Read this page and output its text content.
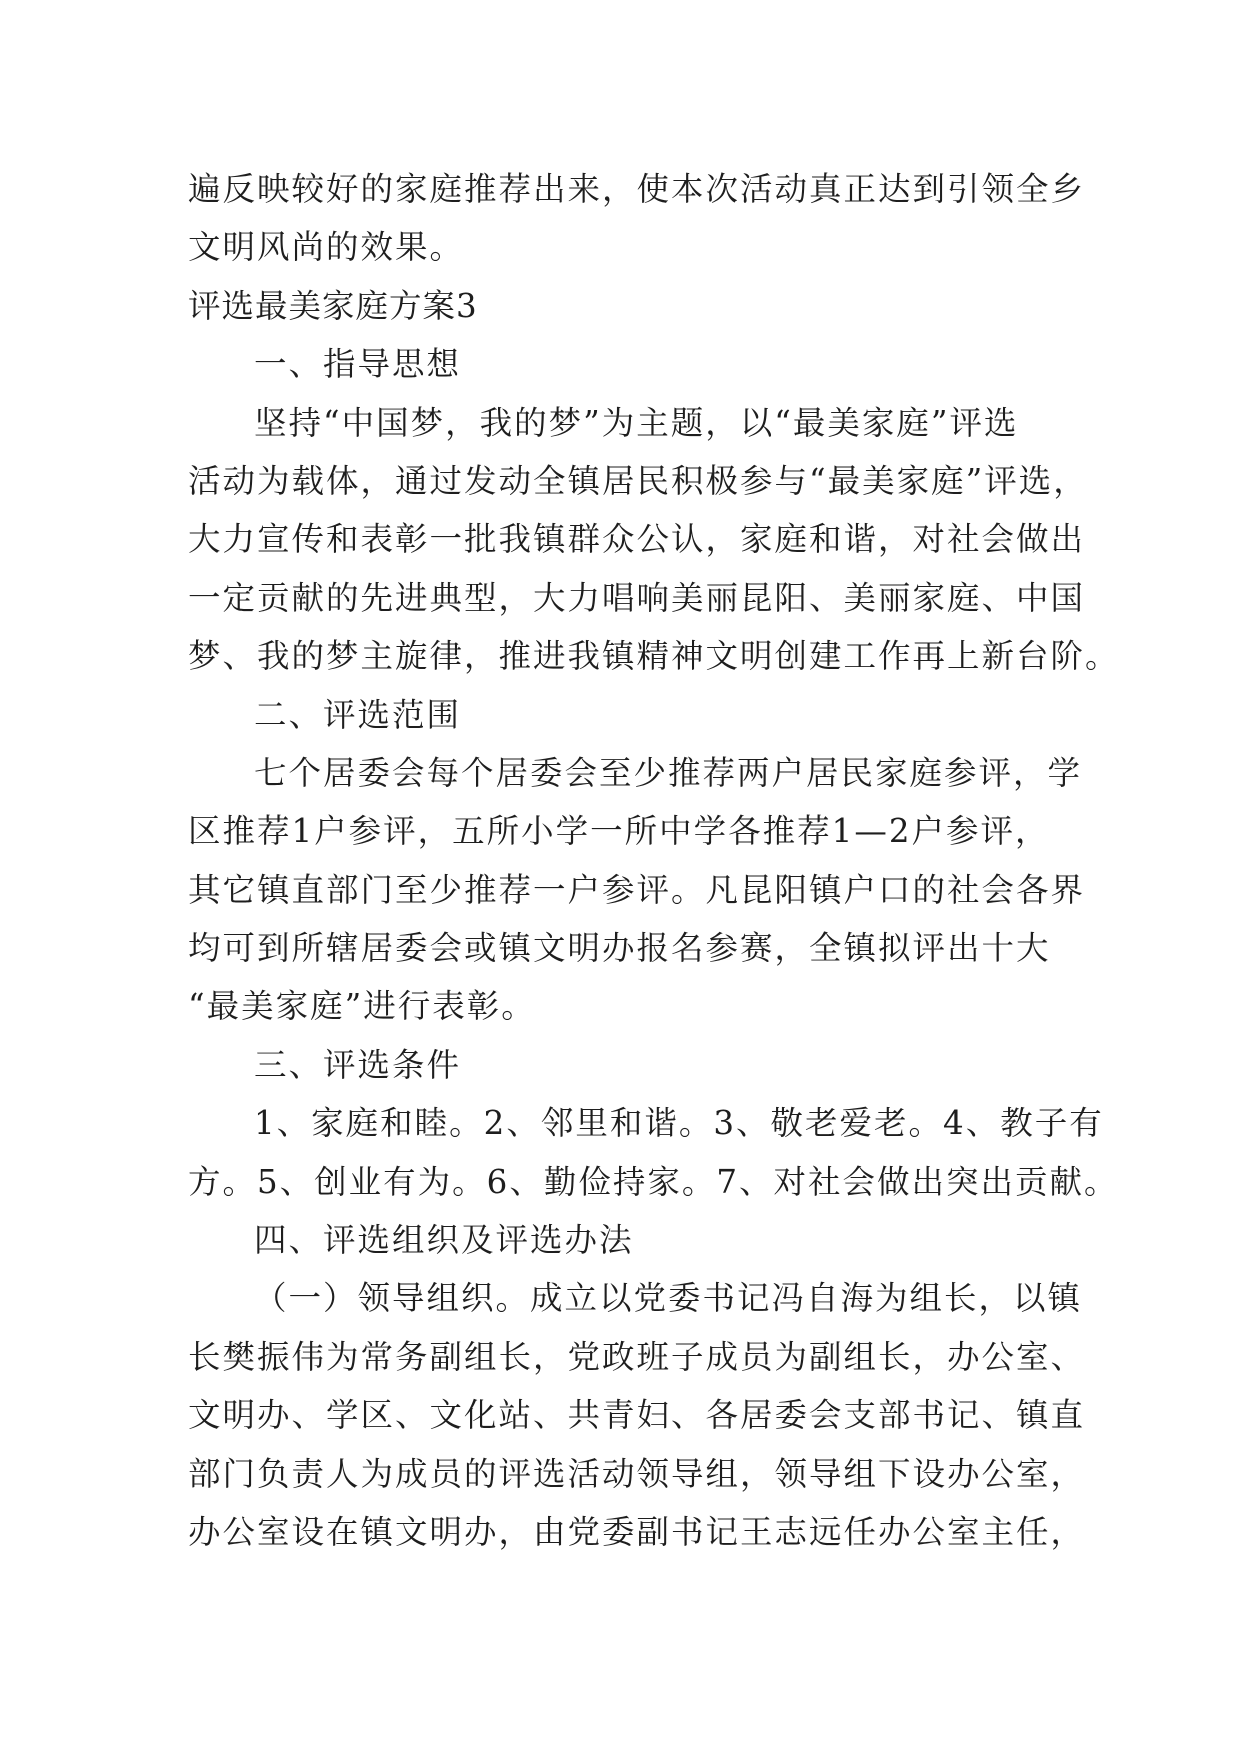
遍反映较好的家庭推荐出来，使本次活动真正达到引领全乡
文明风尚的效果。
评选最美家庭方案3
一、指导思想
坚持“中国梦，我的梦”为主题，以“最美家庭”评选
活动为载体，通过发动全镇居民积极参与“最美家庭”评选，
大力宣传和表彰一批我镇群众公认，家庭和谐，对社会做出
一定贡献的先进典型，大力唱响美丽昆阳、美丽家庭、中国
梦、我的梦主旋律，推进我镇精神文明创建工作再上新台阶。
二、评选范围
七个居委会每个居委会至少推荐两户居民家庭参评，学
区推荐1户参评，五所小学一所中学各推荐1—2户参评，
其它镇直部门至少推荐一户参评。凡昆阳镇户口的社会各界
均可到所辖居委会或镇文明办报名参赛，全镇拟评出十大
“最美家庭”进行表彰。
三、评选条件
1、家庭和睦。2、邻里和谐。3、敬老爱老。4、教子有
方。5、创业有为。6、勤俭持家。7、对社会做出突出贡献。
四、评选组织及评选办法
（一）领导组织。成立以党委书记冯自海为组长，以镇
长樊振伟为常务副组长，党政班子成员为副组长，办公室、
文明办、学区、文化站、共青妇、各居委会支部书记、镇直
部门负责人为成员的评选活动领导组，领导组下设办公室，
办公室设在镇文明办，由党委副书记王志远任办公室主任，
